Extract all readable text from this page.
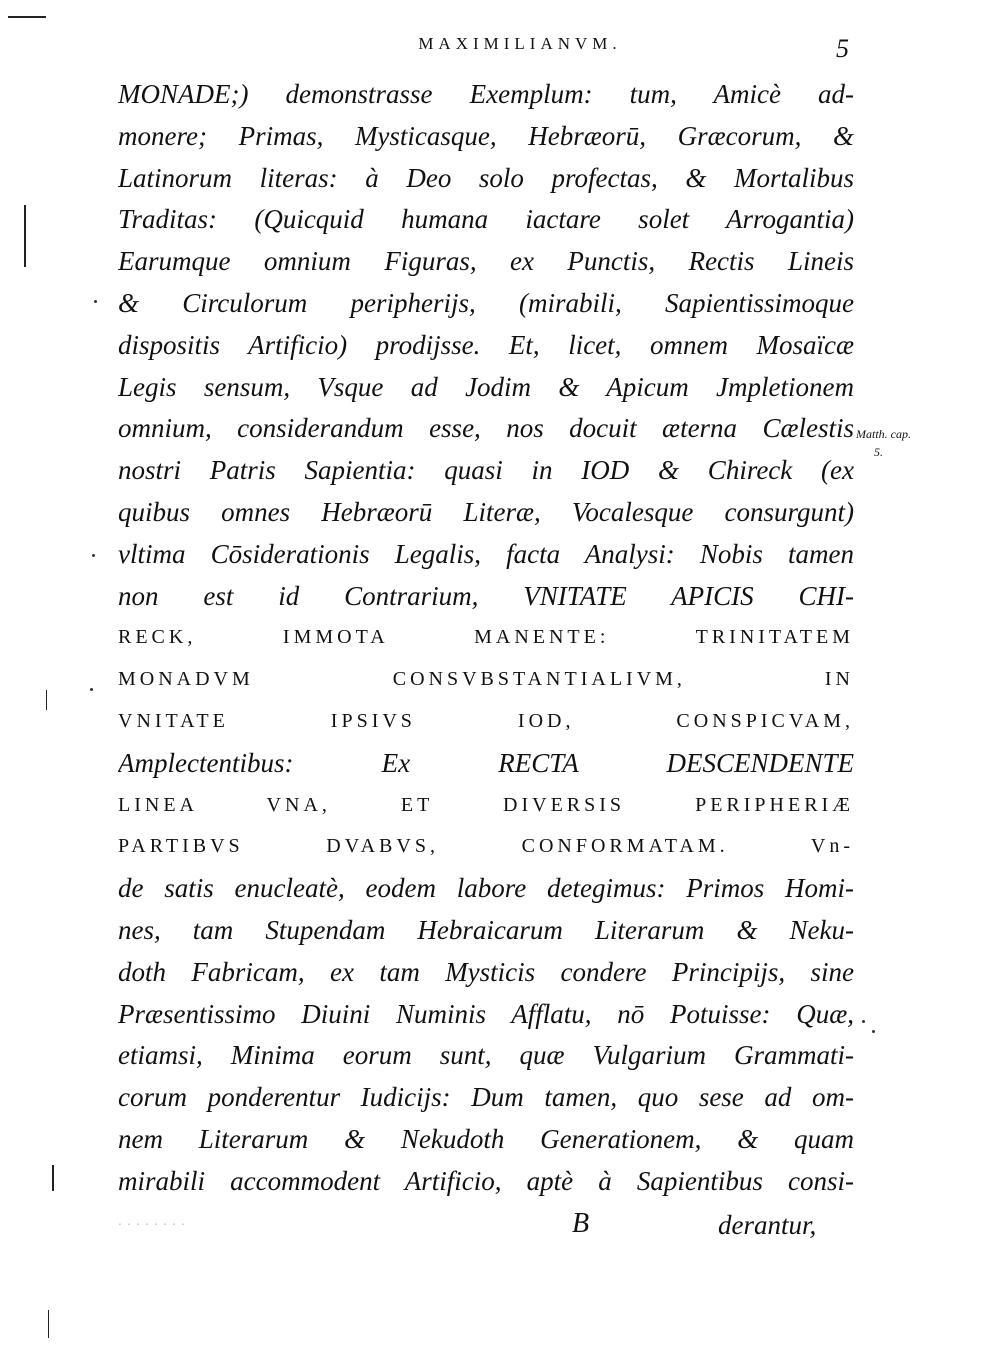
MAXIMILIANVM.	5
MONADE;) demonstrasse Exemplum: tum, Amicè ad-
monere; Primas, Mysticasque, Hebræorū, Græcorum, &
Latinorum literas: à Deo solo profectas, & Mortalibus
Traditas: (Quicquid humana iactare solet Arrogantia)
Earumque omnium Figuras, ex Punctis, Rectis Lineis
& Circulorum peripherijs, (mirabili, Sapientissimoque
dispositis Artificio) prodijsse. Et, licet, omnem Mosaïcæ
Legis sensum, Vsque ad Jodim & Apicum Jmpletionem
omnium, considerandum esse, nos docuit æterna Cælestis
nostri Patris Sapientia: quasi in IOD & Chireck (ex
quibus omnes Hebræorū Literæ, Vocalesque consurgunt)
vltima Cōsiderationis Legalis, facta Analysi: Nobis tamen
non est id Contrarium, VNITATE APICIS CHI-
RECK, IMMOTA MANENTE: TRINITATEM
MONADVM CONSVBSTANTIALIVM, IN
VNITATE IPSIVS IOD, CONSPICVAM,
Amplectentibus: Ex RECTA DESCENDENTE
LINEA VNA, ET DIVERSIS PERIPHERIÆ
PARTIBVS DVABVS, CONFORMATAM. Vn-
de satis enucleatè, eodem labore detegimus: Primos Homi-
nes, tam Stupendam Hebraicarum Literarum & Neku-
doth Fabricam, ex tam Mysticis condere Principijs, sine
Præsentissimo Diuini Numinis Afflatu, nō Potuisse: Quæ,
etiamsi, Minima eorum sunt, quæ Vulgarium Grammati-
corum ponderentur Iudicijs: Dum tamen, quo sese ad om-
nem Literarum & Nekudoth Generationem, & quam
mirabili accommodent Artificio, aptè à Sapientibus consi-
Matth. cap.
5.
· · · · · · · ·	B	derantur,
